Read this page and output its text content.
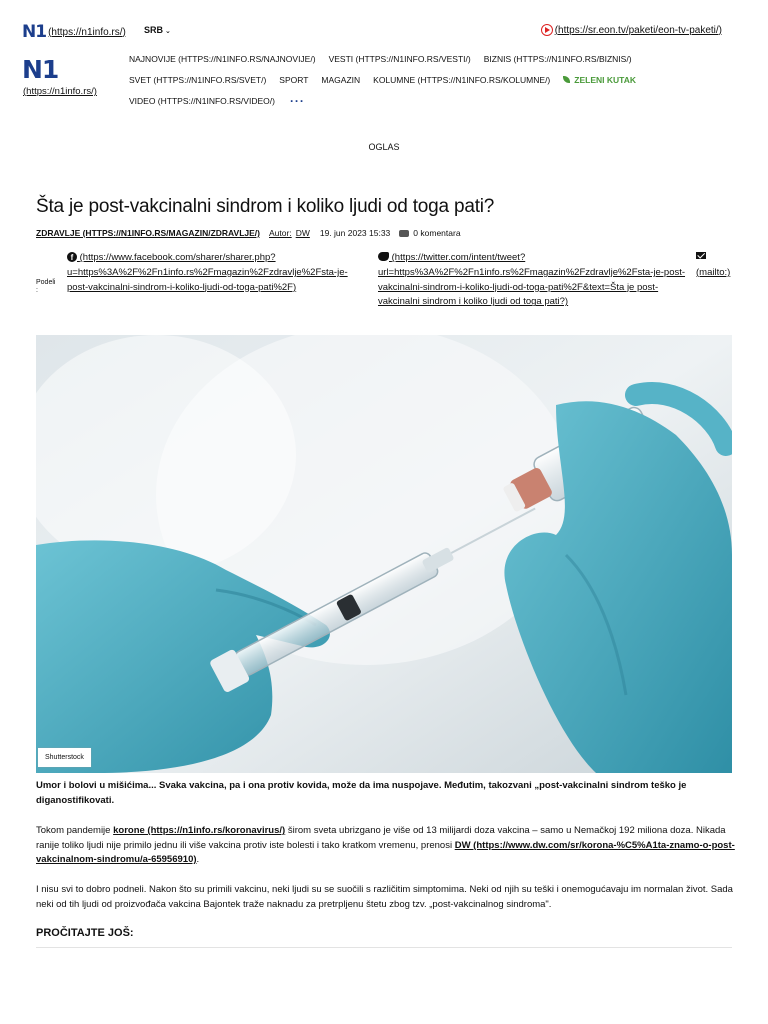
N1 (https://n1info.rs/) SRB ⌄	(https://sr.eon.tv/paketi/eon-tv-paketi/)
N1
(https://n1info.rs/)
NAJNOVIJE (HTTPS://N1INFO.RS/NAJNOVIJE/) VESTI (HTTPS://N1INFO.RS/VESTI/) BIZNIS (HTTPS://N1INFO.RS/BIZNIS/)
SVET (HTTPS://N1INFO.RS/SVET/) SPORT MAGAZIN KOLUMNE (HTTPS://N1INFO.RS/KOLUMNE/)	ZELENI KUTAK
VIDEO (HTTPS://N1INFO.RS/VIDEO/) ···
OGLAS
Šta je post-vakcinalni sindrom i koliko ljudi od toga pati?
ZDRAVLJE (HTTPS://N1INFO.RS/MAGAZIN/ZDRAVLJE/) Autor: DW 19. jun 2023 15:33	0 komentara
Podeli :
f (https://www.facebook.com/sharer/sharer.php?u=https%3A%2F%2Fn1info.rs%2Fmagazin%2Fzdravlje%2Fsta-je-post-vakcinalni-sindrom-i-koliko-ljudi-od-toga-pati%2F)
(https://twitter.com/intent/tweet?url=https%3A%2F%2Fn1info.rs%2Fmagazin%2Fzdravlje%2Fsta-je-post-vakcinalni-sindrom-i-koliko-ljudi-od-toga-pati%2F&text=Šta je post-vakcinalni sindrom i koliko ljudi od toga pati?)

(mailto:)
Shutterstock

Umor i bolovi u mišićima... Svaka vakcina, pa i ona protiv kovida, može da ima nuspojave. Međutim, takozvani „post-vakcinalni sindrom teško je diganostifikovati.

Tokom pandemije korone (https://n1info.rs/koronavirus/) širom sveta ubrizgano je više od 13 milijardi doza vakcina – samo u Nemačkoj 192 miliona doza. Nikada ranije toliko ljudi nije primilo jednu ili više vakcina protiv iste bolesti i tako kratkom vremenu, prenosi DW (https://www.dw.com/sr/korona-%C5%A1ta-znamo-o-post-vakcinalnom-sindromu/a-65956910).

I nisu svi to dobro podneli. Nakon što su primili vakcinu, neki ljudi su se suočili s različitim simptomima. Neki od njih su teški i onemogućavaju im normalan život. Sada neki od tih ljudi od proizvođača vakcina Bajontek traže naknadu za pretrpljenu štetu zbog tzv. „post-vakcinalnog sindroma".

PROČITAJTE JOŠ:
